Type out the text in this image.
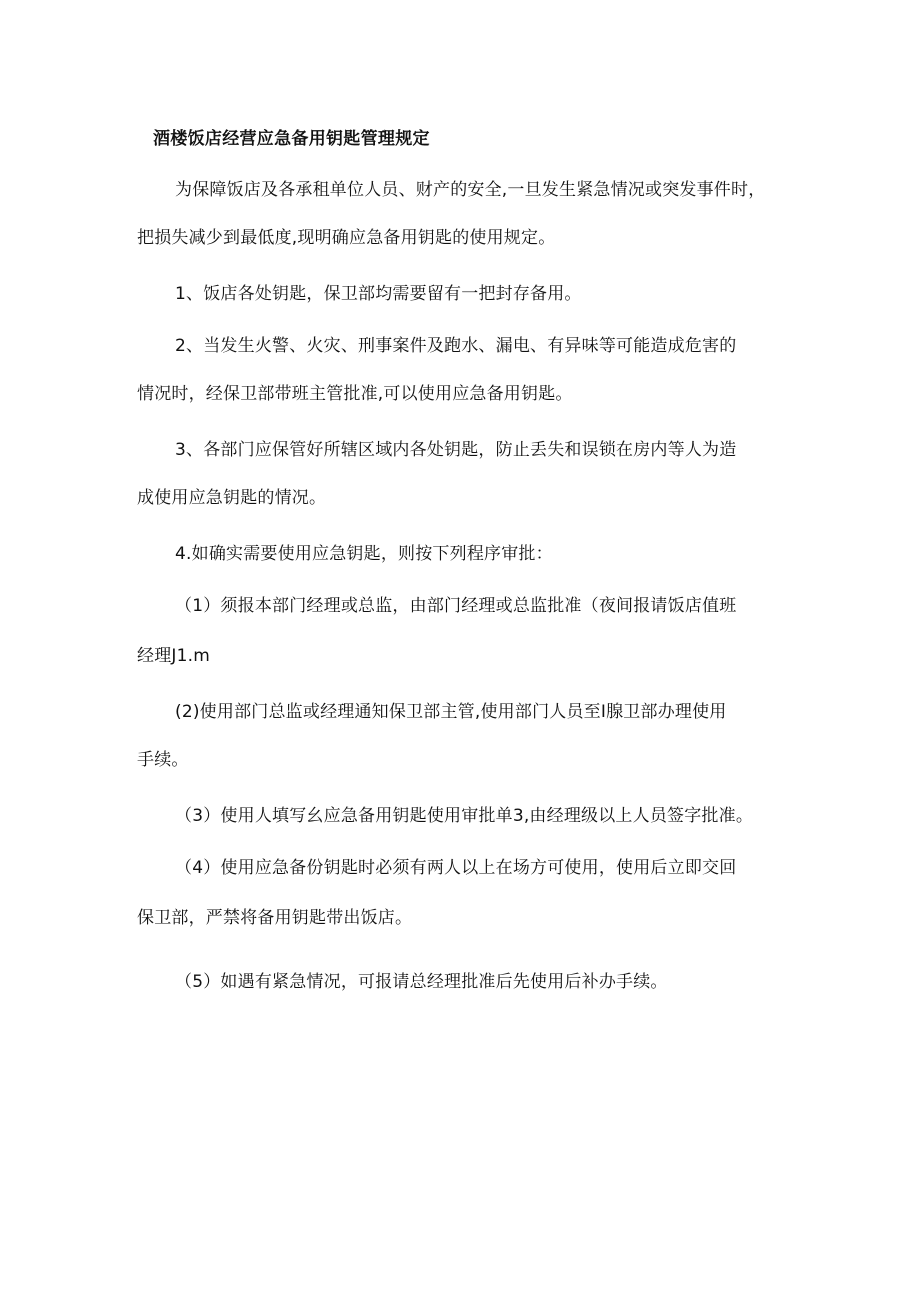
酒楼饭店经营应急备用钥匙管理规定
为保障饭店及各承租单位人员、财产的安全,一旦发生紧急情况或突发事件时，
把损失减少到最低度,现明确应急备用钥匙的使用规定。
1、饭店各处钥匙，保卫部均需要留有一把封存备用。
2、当发生火警、火灾、刑事案件及跑水、漏电、有异味等可能造成危害的
情况时，经保卫部带班主管批准,可以使用应急备用钥匙。
3、各部门应保管好所辖区域内各处钥匙，防止丢失和误锁在房内等人为造
成使用应急钥匙的情况。
4.如确实需要使用应急钥匙，则按下列程序审批：
（1）须报本部门经理或总监，由部门经理或总监批准（夜间报请饭店值班
经理J1.m
(2)使用部门总监或经理通知保卫部主管,使用部门人员至I腺卫部办理使用
手续。
（3）使用人填写幺应急备用钥匙使用审批单3,由经理级以上人员签字批准。
（4）使用应急备份钥匙时必须有两人以上在场方可使用，使用后立即交回
保卫部，严禁将备用钥匙带出饭店。
（5）如遇有紧急情况，可报请总经理批准后先使用后补办手续。
